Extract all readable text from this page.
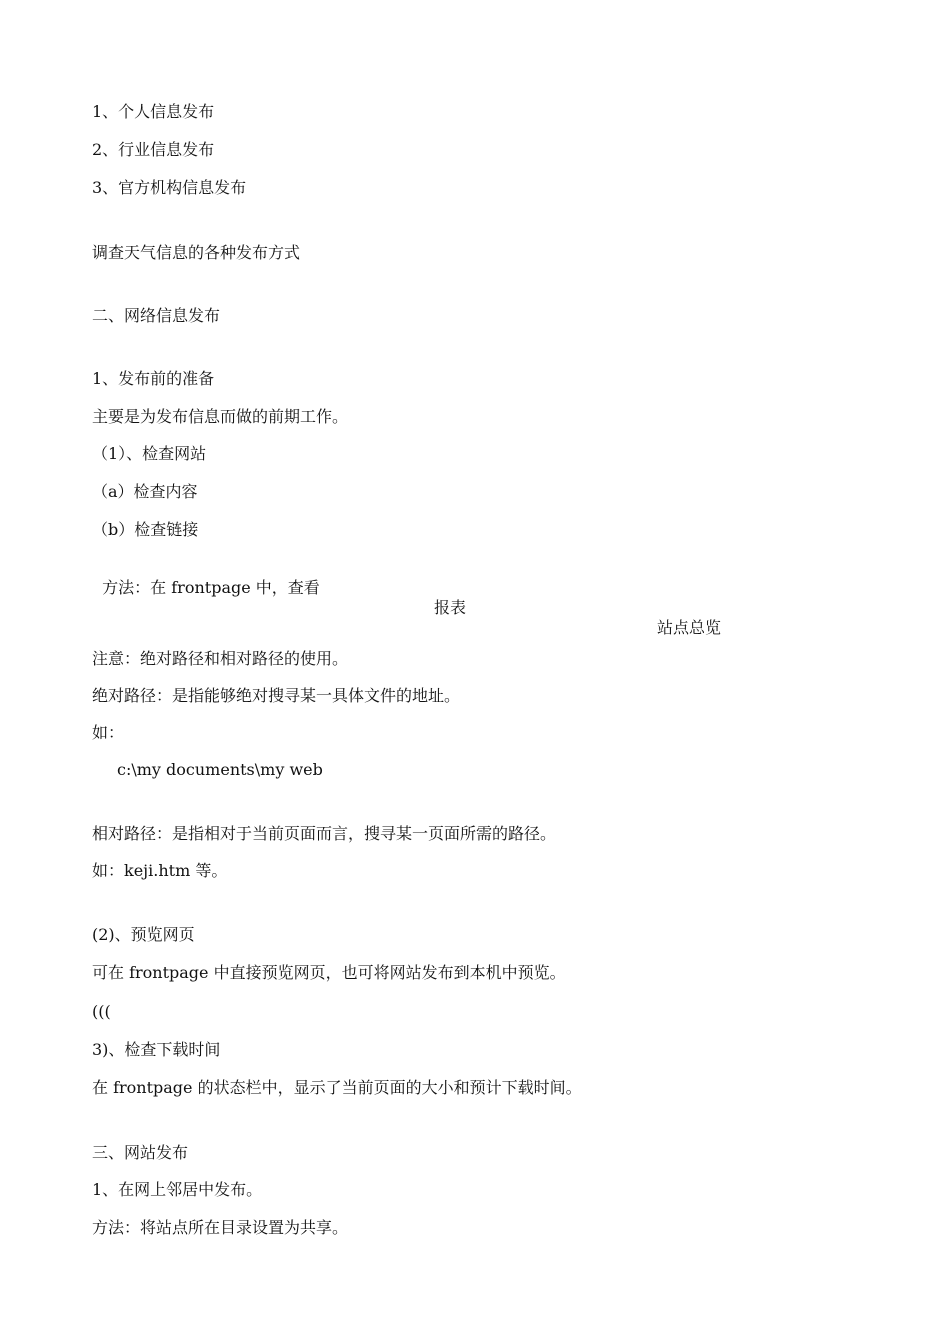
1、个人信息发布
2、行业信息发布
3、官方机构信息发布
调查天气信息的各种发布方式
二、网络信息发布
1、发布前的准备
主要是为发布信息而做的前期工作。
（1）、检查网站
（a）检查内容
（b）检查链接

方法：在 frontpage 中，查看

报表

站点总览

注意：绝对路径和相对路径的使用。
绝对路径：是指能够绝对搜寻某一具体文件的地址。
如：
c:\my documents\my web
相对路径：是指相对于当前页面而言，搜寻某一页面所需的路径。
如：keji.htm 等。
(2)、预览网页
可在 frontpage 中直接预览网页，也可将网站发布到本机中预览。
(((
3)、检查下载时间
在 frontpage 的状态栏中，显示了当前页面的大小和预计下载时间。
三、网站发布
1、在网上邻居中发布。
方法：将站点所在目录设置为共享。
